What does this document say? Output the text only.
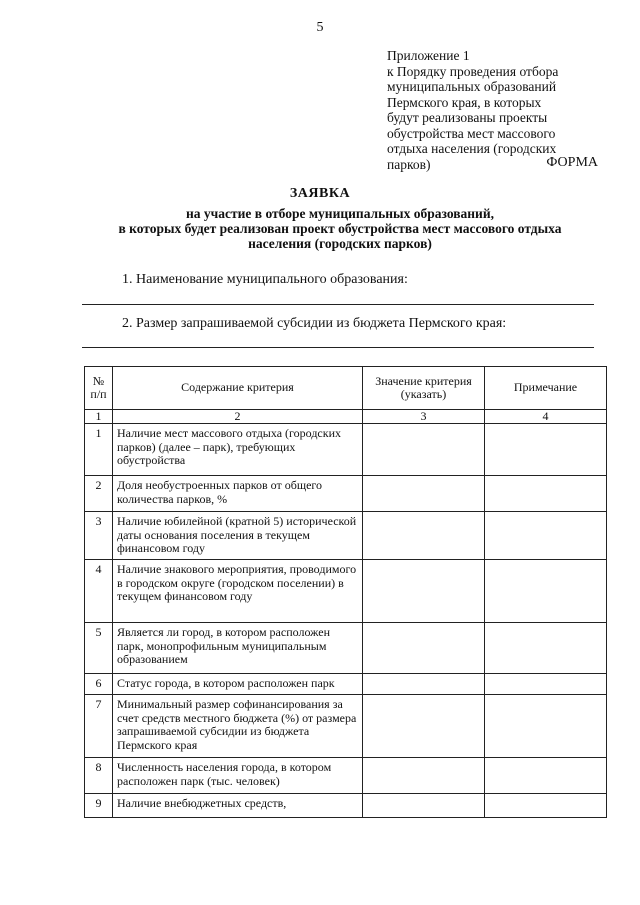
5
Приложение 1
к Порядку проведения отбора
муниципальных образований
Пермского края, в которых
будут реализованы проекты
обустройства мест массового
отдыха населения (городских
парков)	ФОРМА
ЗАЯВКА
на участие в отборе муниципальных образований,
в которых будет реализован проект обустройства мест массового отдыха
населения (городских парков)
1. Наименование муниципального образования:
2. Размер запрашиваемой субсидии из бюджета Пермского края:
№ п/п	Содержание критерия	Значение критерия (указать)	Примечание
1	2	3	4
1	Наличие мест массового отдыха (городских парков) (далее – парк), требующих обустройства		
2	Доля необустроенных парков от общего количества парков, %		
3	Наличие юбилейной (кратной 5) исторической даты основания поселения в текущем финансовом году		
4	Наличие знакового мероприятия, проводимого в городском округе (городском поселении) в текущем финансовом году		
5	Является ли город, в котором расположен парк, монопрофильным муниципальным образованием		
6	Статус города, в котором расположен парк		
7	Минимальный размер софинансирования за счет средств местного бюджета (%) от размера запрашиваемой субсидии из бюджета Пермского края		
8	Численность населения города, в котором расположен парк (тыс. человек)		
9	Наличие внебюджетных средств,		
